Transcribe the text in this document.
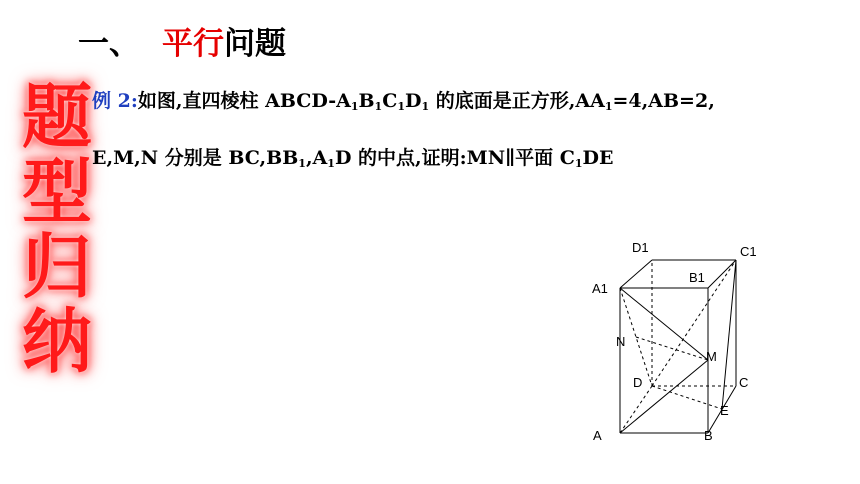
一、 平行问题
题
型
归
纳
例 2:如图,直四棱柱 ABCD-$A_1B_1C_1D_1$ 的底面是正方形$,AA_1=4,AB=2$,
E,M,N 分别是 $BC,BB_1,A_1D$ 的中点,证明:MN∥平面 $C_1DE$
D1	C1
B1
A1
N
M
D	C
E
A	B
